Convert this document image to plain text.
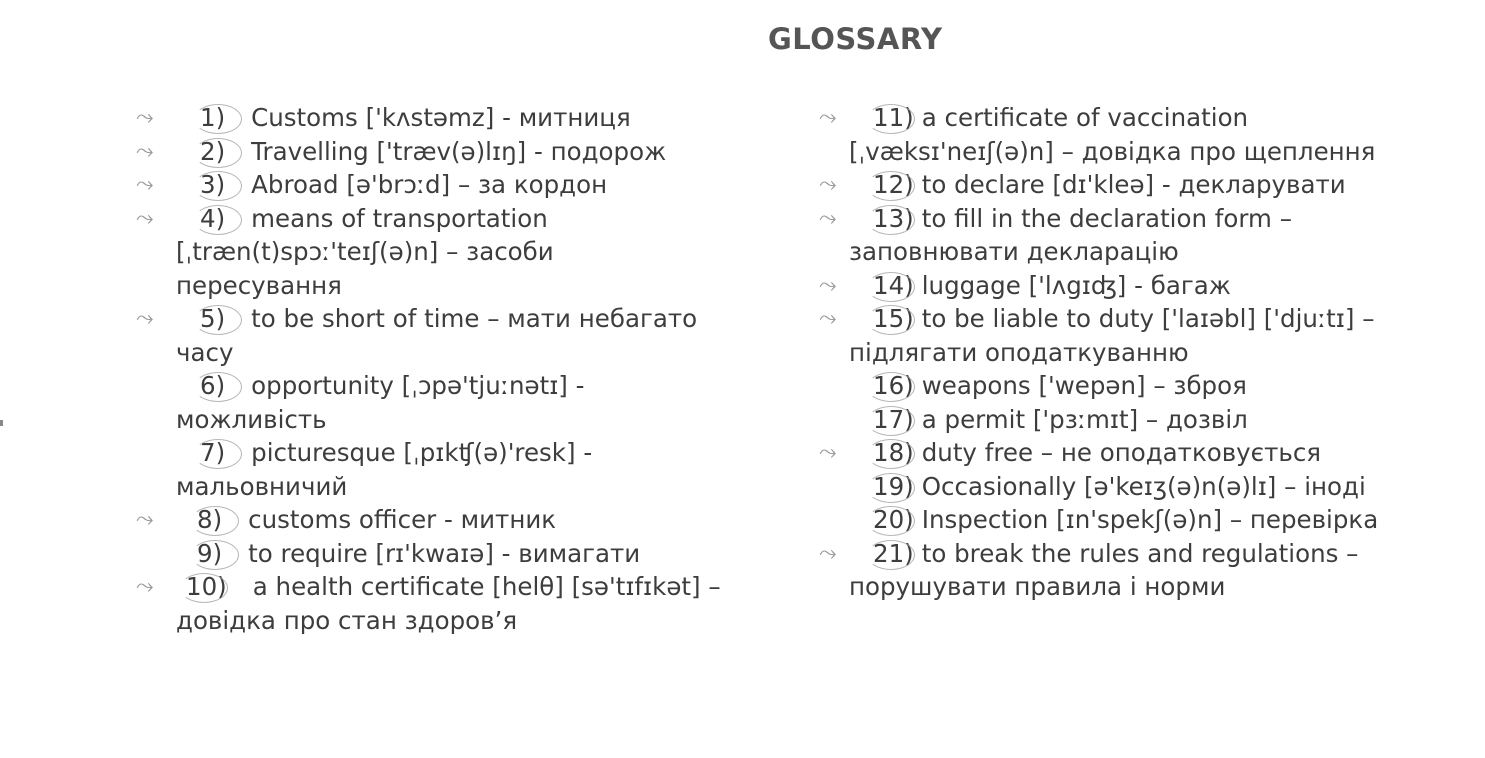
GLOSSARY
1) Customs ['kʌstəmz] - митниця
⤳
2) Travelling ['træv(ə)lɪŋ] - подорож
⤳
3) Abroad [ə'brɔːd] – за кордон
⤳
4) means of transportation
⤳
[ˌtræn(t)spɔː'teɪʃ(ə)n] – засоби
пересування
5) to be short of time – мати небагато
⤳
часу
6) opportunity [ˌɔpə'tjuːnətɪ] -
можливість
7) picturesque [ˌpɪkʧ(ə)'resk] -
мальовничий
8) customs officer - митник
⤳
9) to require [rɪ'kwaɪə] - вимагати
10) a health certificate [helθ] [sə'tɪfɪkət] –
⤳
довідка про стан здоров’я
11) a certificate of vaccination
⤳
[ˌvæksɪ'neɪʃ(ə)n] – довідка про щеплення
12) to declare [dɪ'kleə] - декларувати
⤳
13) to fill in the declaration form –
⤳
заповнювати декларацію
14) luggage ['lʌgɪʤ] - багаж
⤳
15) to be liable to duty ['laɪəbl] ['djuːtɪ] –
⤳
підлягати оподаткуванню
16) weapons ['wepən] – зброя
17) a permit ['pɜːmɪt] – дозвіл
18) duty free – не оподатковується
⤳
19) Occasionally [ə'keɪʒ(ə)n(ə)lɪ] – іноді
20) Inspection [ɪn'spekʃ(ə)n] – перевірка
21) to break the rules and regulations –
⤳
порушувати правила і норми
